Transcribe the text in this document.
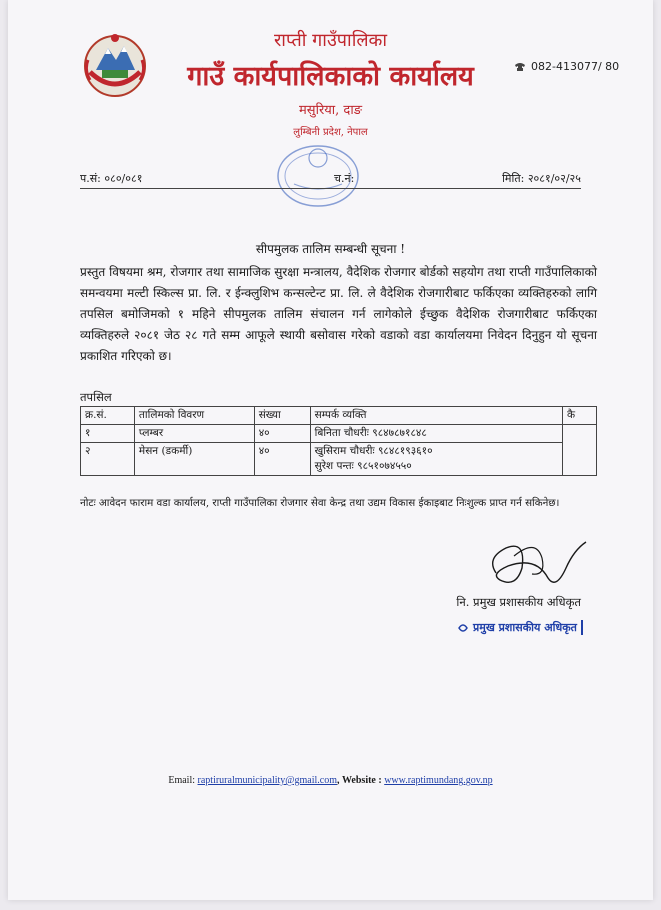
राप्ती गाउँपालिका
गाउँ कार्यपालिकाको कार्यालय	082-413077/ 80
मसुरिया, दाङ
लुम्बिनी प्रदेश, नेपाल
प.सं: ०८०/०८१	च.नं:	मिति: २०८१/०२/२५
सीपमुलक तालिम सम्बन्धी सूचना !
प्रस्तुत विषयमा श्रम, रोजगार तथा सामाजिक सुरक्षा मन्त्रालय, वैदेशिक रोजगार बोर्डको सहयोग तथा राप्ती गाउँपालिकाको समन्वयमा मल्टी स्किल्स प्रा. लि. र ईन्क्लुशिभ कन्सल्टेन्ट प्रा. लि. ले वैदेशिक रोजगारीबाट फर्किएका व्यक्तिहरुको लागि तपसिल बमोजिमको १ महिने सीपमुलक तालिम संचालन गर्न लागेकोले ईच्छुक वैदेशिक रोजगारीबाट फर्किएका व्यक्तिहरुले २०८१ जेठ २८ गते सम्म आफूले स्थायी बसोवास गरेको वडाको वडा कार्यालयमा निवेदन दिनुहुन यो सूचना प्रकाशित गरिएको छ।
तपसिल
क्र.सं.	तालिमको विवरण	संख्या	सम्पर्क व्यक्ति	कै
१	प्लम्बर	४०	बिनिता चौधरीः ९८४७८७१८४८	
२	मेसन (डकर्मी)	४०	खुसिराम चौधरीः ९८४८१९३६१०
सुरेश पन्तः ९८५१०७४५५०	
नोटः आवेदन फाराम वडा कार्यालय, राप्ती गाउँपालिका रोजगार सेवा केन्द्र तथा उद्यम विकास ईकाइबाट निःशुल्क प्राप्त गर्न सकिनेछ।
नि. प्रमुख प्रशासकीय अधिकृत
प्रमुख प्रशासकीय अधिकृत
Email: raptiruralmunicipality@gmail.com, Website : www.raptimundang.gov.np
